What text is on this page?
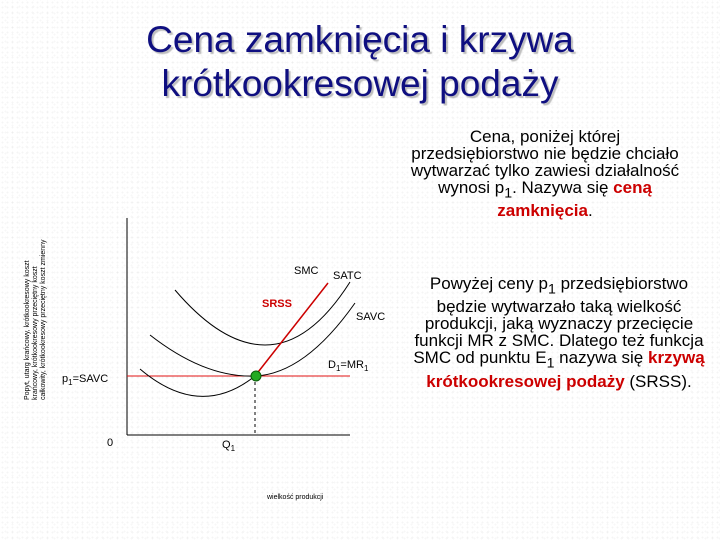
Cena zamknięcia i krzywa
krótkookresowej podaży
Cena, poniżej której przedsiębiorstwo nie będzie chciało wytwarzać tylko zawiesi działalność wynosi $p_1$. Nazywa się ceną zamknięcia.
Powyżej ceny $p_1$ przedsiębiorstwo będzie wytwarzało taką wielkość produkcji, jaką wyznaczy przecięcie funkcji MR z SMC. Dlatego też funkcja SMC od punktu $E_1$ nazywa się krzywą krótkookresowej podaży (SRSS).
Popyt, utarg krańcowy, krótkookresowy koszt krańcowy, krótkookresowy przeciętny koszt całkowity, krótkookresowy przeciętny koszt zmienny	SMC SATC
SAVC
SRSS
$D_1=MR_1$
$p_1=SAVC$
0	$Q_1$
wielkość produkcji
